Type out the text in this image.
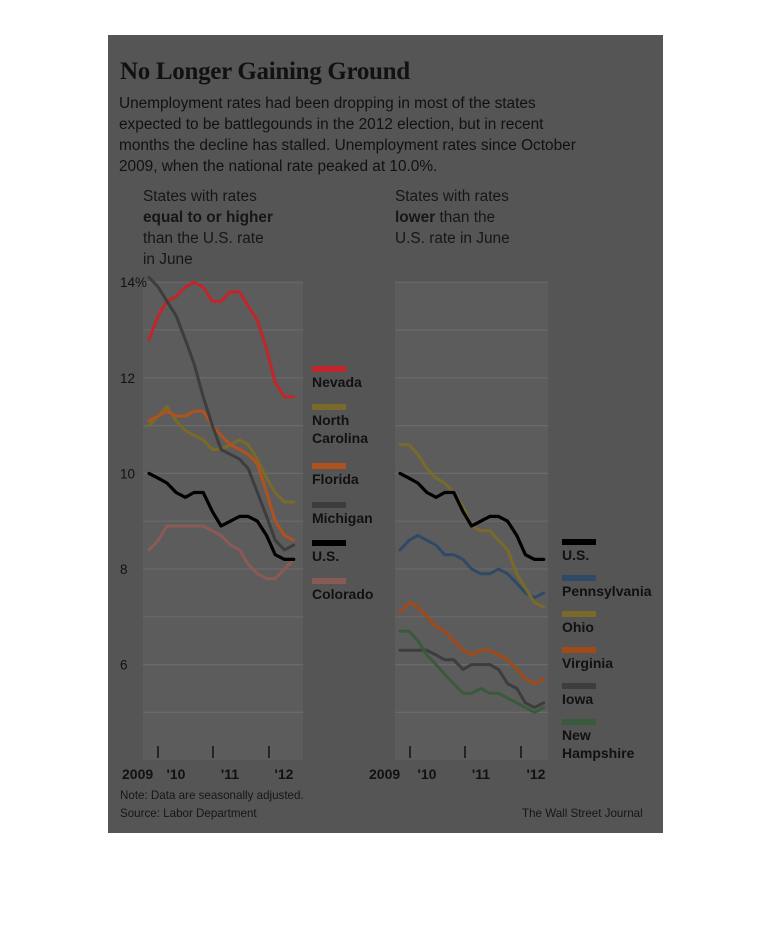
No Longer Gaining Ground
Unemployment rates had been dropping in most of the states expected to be battlegounds in the 2012 election, but in recent months the decline has stalled. Unemployment rates since October 2009, when the national rate peaked at 10.0%.
States with rates
equal to or higher
than the U.S. rate
in June
States with rates
lower than the
U.S. rate in June
2009 '10	'11	'12
14%
12
10
8
6
Nevada
North Carolina
Florida
Michigan
U.S.
Colorado
2009 '10	'11	'12
U.S.
Pennsylvania
Ohio
Virginia
Iowa
New Hampshire
Note: Data are seasonally adjusted.
Source: Labor Department	The Wall Street Journal
